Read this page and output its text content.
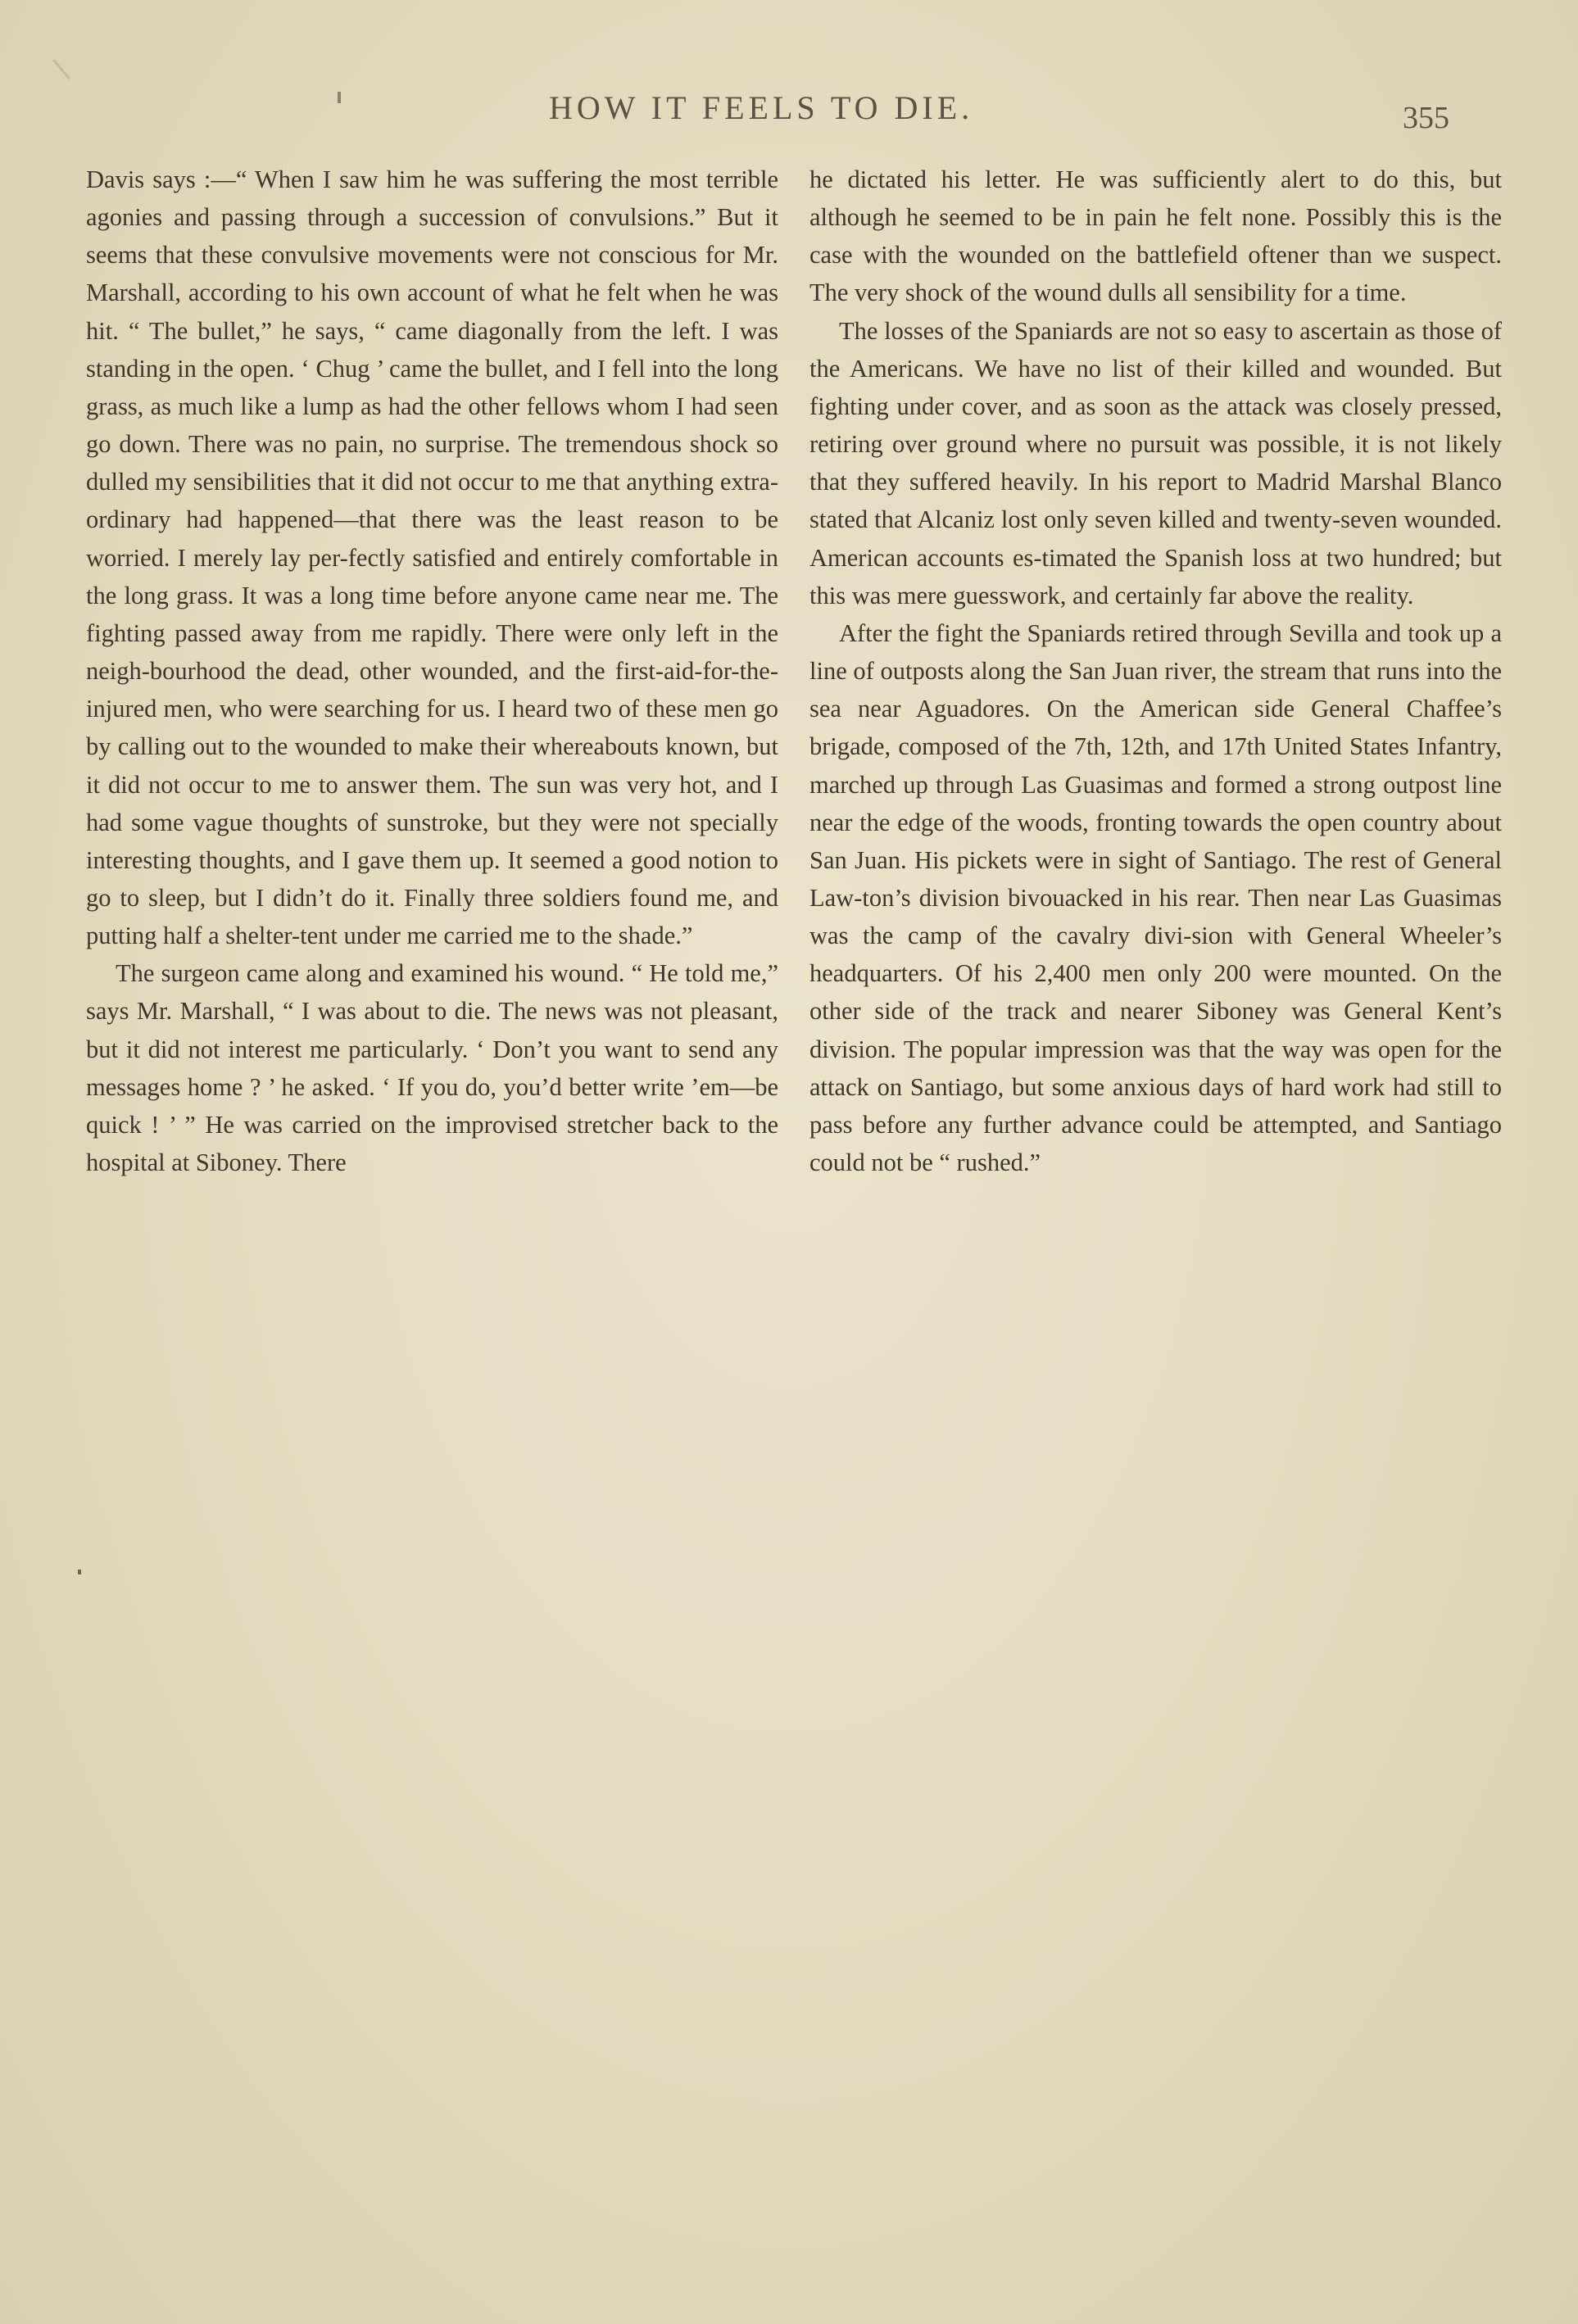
HOW IT FEELS TO DIE.	355

Davis says :—“ When I saw him he was suffering the most terrible agonies and passing through a succession of convulsions.” But it seems that these convulsive movements were not conscious for Mr. Marshall, according to his own account of what he felt when he was hit. “ The bullet,” he says, “ came diagonally from the left. I was standing in the open. ‘ Chug ’ came the bullet, and I fell into the long grass, as much like a lump as had the other fellows whom I had seen go down. There was no pain, no surprise. The tremendous shock so dulled my sensibilities that it did not occur to me that anything extra-ordinary had happened—that there was the least reason to be worried. I merely lay per-fectly satisfied and entirely comfortable in the long grass. It was a long time before anyone came near me. The fighting passed away from me rapidly. There were only left in the neigh-bourhood the dead, other wounded, and the first-aid-for-the-injured men, who were searching for us. I heard two of these men go by calling out to the wounded to make their whereabouts known, but it did not occur to me to answer them. The sun was very hot, and I had some vague thoughts of sunstroke, but they were not specially interesting thoughts, and I gave them up. It seemed a good notion to go to sleep, but I didn’t do it. Finally three soldiers found me, and putting half a shelter-tent under me carried me to the shade.”

The surgeon came along and examined his wound. “ He told me,” says Mr. Marshall, “ I was about to die. The news was not pleasant, but it did not interest me particularly. ‘ Don’t you want to send any messages home ? ’ he asked. ‘ If you do, you’d better write ’em—be quick ! ’ ” He was carried on the improvised stretcher back to the hospital at Siboney. There

he dictated his letter. He was sufficiently alert to do this, but although he seemed to be in pain he felt none. Possibly this is the case with the wounded on the battlefield oftener than we suspect. The very shock of the wound dulls all sensibility for a time.

The losses of the Spaniards are not so easy to ascertain as those of the Americans. We have no list of their killed and wounded. But fighting under cover, and as soon as the attack was closely pressed, retiring over ground where no pursuit was possible, it is not likely that they suffered heavily. In his report to Madrid Marshal Blanco stated that Alcaniz lost only seven killed and twenty-seven wounded. American accounts es-timated the Spanish loss at two hundred; but this was mere guesswork, and certainly far above the reality.

After the fight the Spaniards retired through Sevilla and took up a line of outposts along the San Juan river, the stream that runs into the sea near Aguadores. On the American side General Chaffee’s brigade, composed of the 7th, 12th, and 17th United States Infantry, marched up through Las Guasimas and formed a strong outpost line near the edge of the woods, fronting towards the open country about San Juan. His pickets were in sight of Santiago. The rest of General Law-ton’s division bivouacked in his rear. Then near Las Guasimas was the camp of the cavalry divi-sion with General Wheeler’s headquarters. Of his 2,400 men only 200 were mounted. On the other side of the track and nearer Siboney was General Kent’s division. The popular impression was that the way was open for the attack on Santiago, but some anxious days of hard work had still to pass before any further advance could be attempted, and Santiago could not be “ rushed.”
